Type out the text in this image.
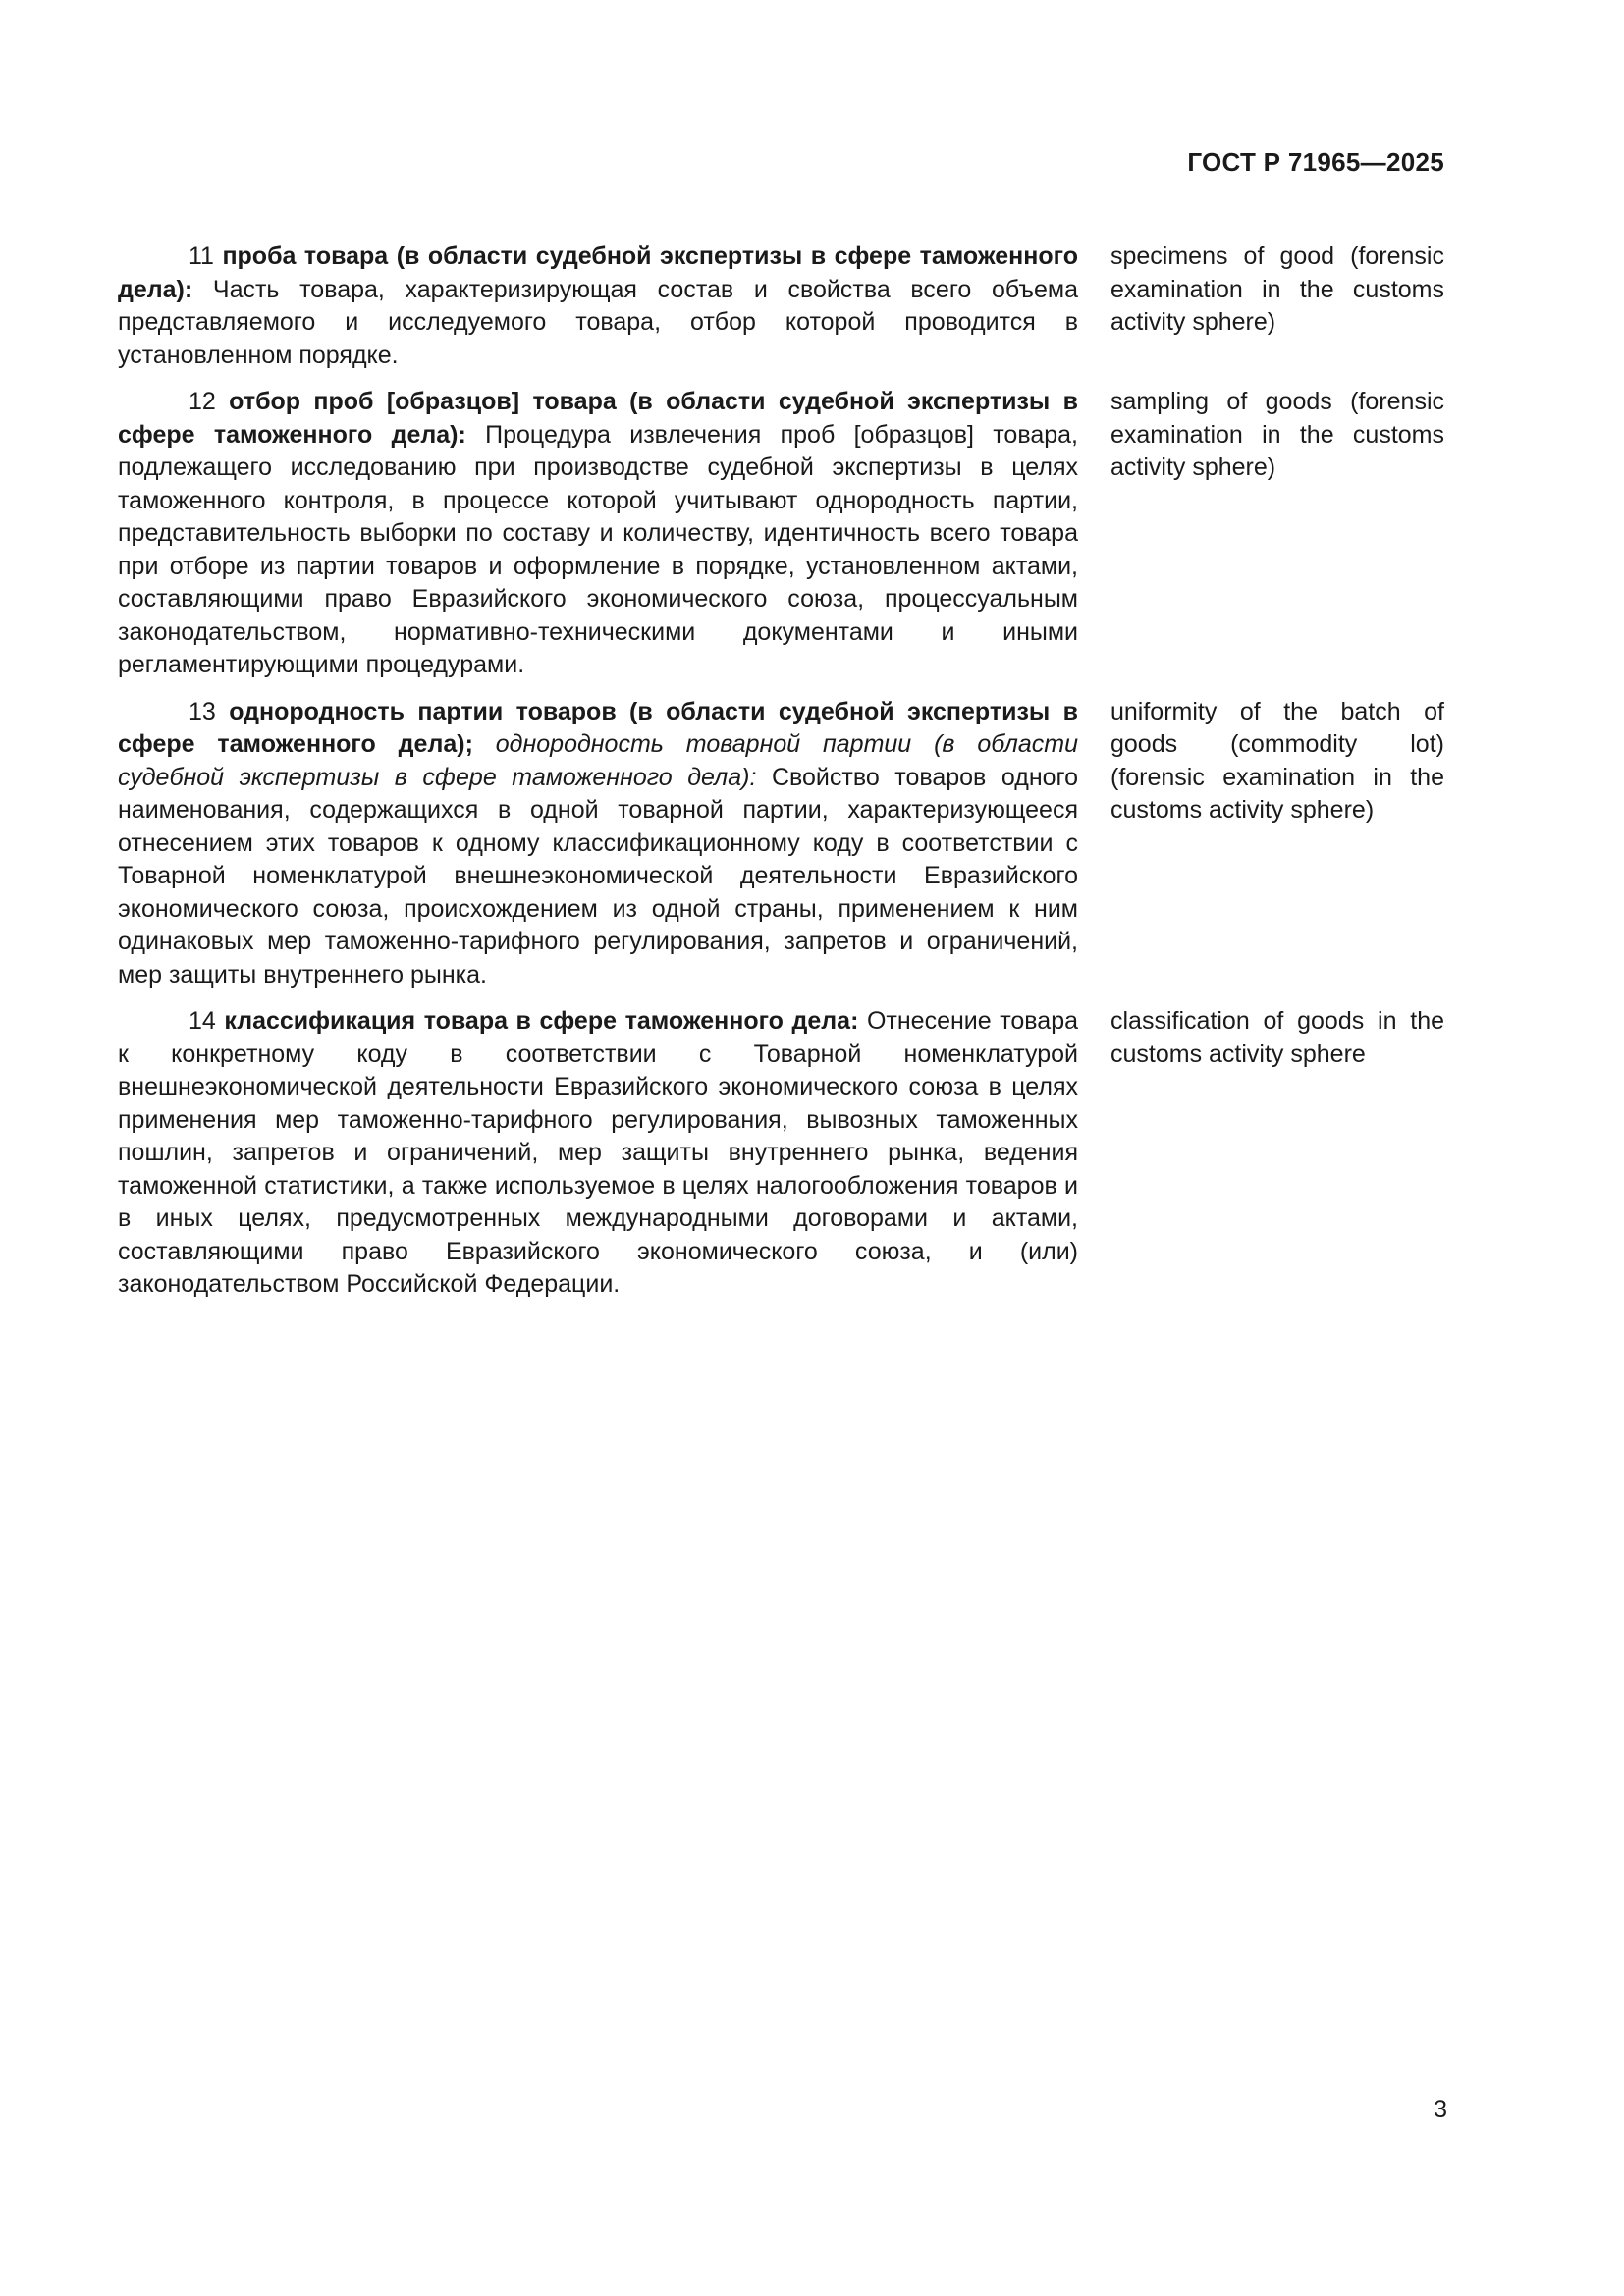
ГОСТ Р 71965—2025
11 проба товара (в области судебной экспертизы в сфере таможенного дела): Часть товара, характеризирующая состав и свойства всего объема представляемого и исследуемого товара, отбор которой проводится в установленном порядке.
specimens of good (forensic examination in the customs activity sphere)
12 отбор проб [образцов] товара (в области судебной экспертизы в сфере таможенного дела): Процедура извлечения проб [образцов] товара, подлежащего исследованию при производстве судебной экспертизы в целях таможенного контроля, в процессе которой учитывают однородность партии, представительность выборки по составу и количеству, идентичность всего товара при отборе из партии товаров и оформление в порядке, установленном актами, составляющими право Евразийского экономического союза, процессуальным законодательством, нормативно-техническими документами и иными регламентирующими процедурами.
sampling of goods (forensic examination in the customs activity sphere)
13 однородность партии товаров (в области судебной экспертизы в сфере таможенного дела); однородность товарной партии (в области судебной экспертизы в сфере таможенного дела): Свойство товаров одного наименования, содержащихся в одной товарной партии, характеризующееся отнесением этих товаров к одному классификационному коду в соответствии с Товарной номенклатурой внешнеэкономической деятельности Евразийского экономического союза, происхождением из одной страны, применением к ним одинаковых мер таможенно-тарифного регулирования, запретов и ограничений, мер защиты внутреннего рынка.
uniformity of the batch of goods (commodity lot) (forensic examination in the customs activity sphere)
14 классификация товара в сфере таможенного дела: Отнесение товара к конкретному коду в соответствии с Товарной номенклатурой внешнеэкономической деятельности Евразийского экономического союза в целях применения мер таможенно-тарифного регулирования, вывозных таможенных пошлин, запретов и ограничений, мер защиты внутреннего рынка, ведения таможенной статистики, а также используемое в целях налогообложения товаров и в иных целях, предусмотренных международными договорами и актами, составляющими право Евразийского экономического союза, и (или) законодательством Российской Федерации.
classification of goods in the customs activity sphere
3
